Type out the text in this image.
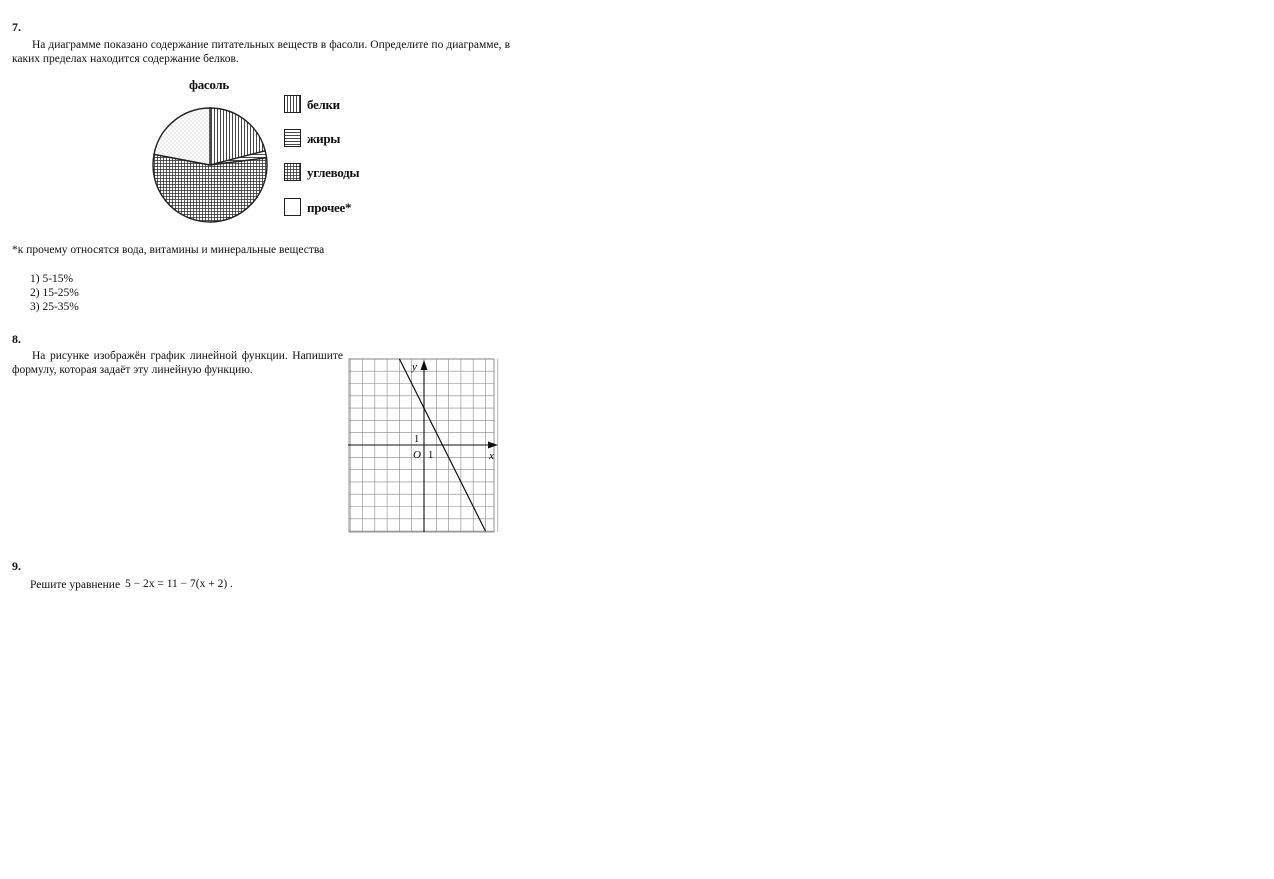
7.
На диаграмме показано содержание питательных веществ в фасоли. Определите по диаграмме, в каких пределах находится содержание белков.
фасоль
белки
жиры
углеводы
прочее*
*к прочему относятся вода, витамины и минеральные вещества
1) 5-15%
2) 15-25%
3) 25-35%
8.
На рисунке изображён график линейной функции. Напишите формулу, которая задаёт эту линейную функцию.	y
x
O 1
1
9.
Решите уравнение 5 − 2x = 11 − 7(x + 2) .
